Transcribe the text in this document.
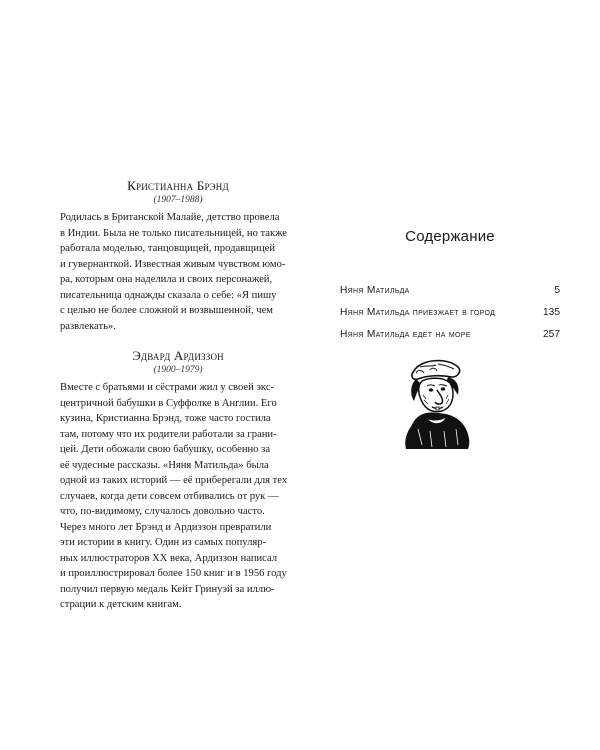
Кристианна Брэнд

(1907–1988)

Родилась в Британской Малайе, детство провела
в Индии. Была не только писательницей, но также
работала моделью, танцовщицей, продавщицей
и гувернанткой. Известная живым чувством юмо-
ра, которым она наделила и своих персонажей,
писательница однажды сказала о себе: «Я пишу
с целью не более сложной и возвышенной, чем
развлекать».

Эдвард Ардиззон

(1900–1979)

Вместе с братьями и сёстрами жил у своей экс-
центричной бабушки в Суффолке в Англии. Его
кузина, Кристианна Брэнд, тоже часто гостила
там, потому что их родители работали за грани-
цей. Дети обожали свою бабушку, особенно за
её чудесные рассказы. «Няня Матильда» была
одной из таких историй — её приберегали для тех
случаев, когда дети совсем отбивались от рук —
что, по-видимому, случалось довольно часто.
Через много лет Брэнд и Ардиззон превратили
эти истории в книгу. Один из самых популяр-
ных иллюстраторов XX века, Ардиззон написал
и проиллюстрировал более 150 книг и в 1956 году
получил первую медаль Кейт Гринуэй за иллю-
страции к детским книгам.

Содержание
Няня Матильда	5
Няня Матильда приезжает в город	135
Няня Матильда едет на море	257
